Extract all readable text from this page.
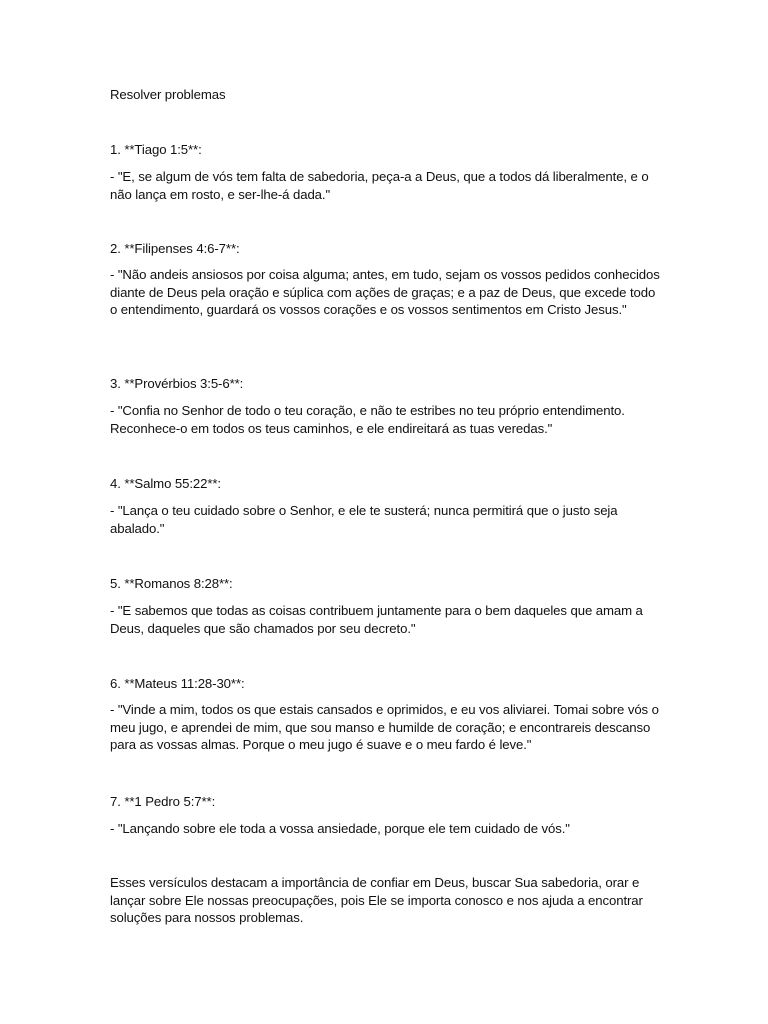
Resolver problemas
1. **Tiago 1:5**:
- "E, se algum de vós tem falta de sabedoria, peça-a a Deus, que a todos dá liberalmente, e o não lança em rosto, e ser-lhe-á dada."
2. **Filipenses 4:6-7**:
- "Não andeis ansiosos por coisa alguma; antes, em tudo, sejam os vossos pedidos conhecidos diante de Deus pela oração e súplica com ações de graças; e a paz de Deus, que excede todo o entendimento, guardará os vossos corações e os vossos sentimentos em Cristo Jesus."
3. **Provérbios 3:5-6**:
- "Confia no Senhor de todo o teu coração, e não te estribes no teu próprio entendimento. Reconhece-o em todos os teus caminhos, e ele endireitará as tuas veredas."
4. **Salmo 55:22**:
- "Lança o teu cuidado sobre o Senhor, e ele te susterá; nunca permitirá que o justo seja abalado."
5. **Romanos 8:28**:
- "E sabemos que todas as coisas contribuem juntamente para o bem daqueles que amam a Deus, daqueles que são chamados por seu decreto."
6. **Mateus 11:28-30**:
- "Vinde a mim, todos os que estais cansados e oprimidos, e eu vos aliviarei. Tomai sobre vós o meu jugo, e aprendei de mim, que sou manso e humilde de coração; e encontrareis descanso para as vossas almas. Porque o meu jugo é suave e o meu fardo é leve."
7. **1 Pedro 5:7**:
- "Lançando sobre ele toda a vossa ansiedade, porque ele tem cuidado de vós."
Esses versículos destacam a importância de confiar em Deus, buscar Sua sabedoria, orar e lançar sobre Ele nossas preocupações, pois Ele se importa conosco e nos ajuda a encontrar soluções para nossos problemas.
